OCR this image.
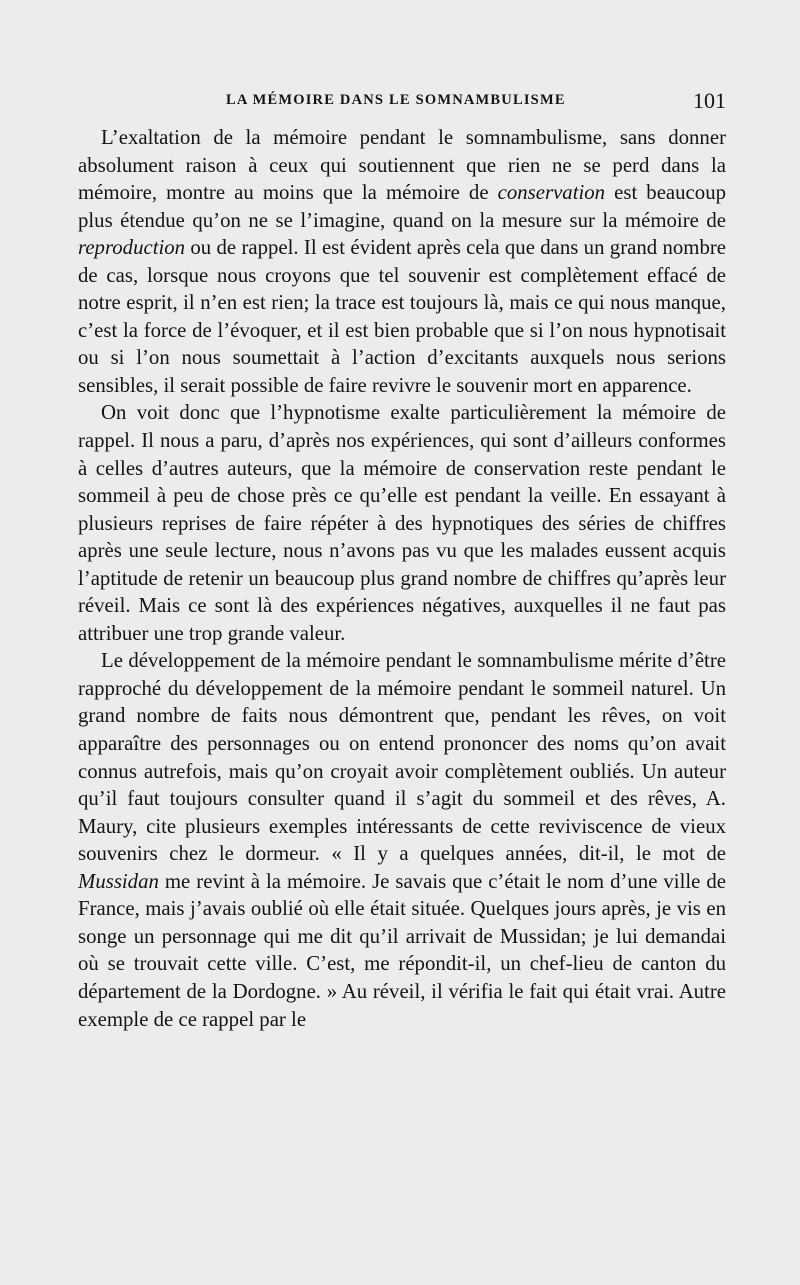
LA MÉMOIRE DANS LE SOMNAMBULISME	101

L’exaltation de la mémoire pendant le somnambulisme, sans donner absolument raison à ceux qui soutiennent que rien ne se perd dans la mémoire, montre au moins que la mémoire de conservation est beaucoup plus étendue qu’on ne se l’imagine, quand on la mesure sur la mémoire de reproduction ou de rappel. Il est évident après cela que dans un grand nombre de cas, lorsque nous croyons que tel souvenir est complètement effacé de notre esprit, il n’en est rien; la trace est toujours là, mais ce qui nous manque, c’est la force de l’évoquer, et il est bien probable que si l’on nous hypnotisait ou si l’on nous soumettait à l’action d’excitants auxquels nous serions sensibles, il serait possible de faire revivre le souvenir mort en apparence.

On voit donc que l’hypnotisme exalte particulièrement la mémoire de rappel. Il nous a paru, d’après nos expériences, qui sont d’ailleurs conformes à celles d’autres auteurs, que la mémoire de conservation reste pendant le sommeil à peu de chose près ce qu’elle est pendant la veille. En essayant à plusieurs reprises de faire répéter à des hypnotiques des séries de chiffres après une seule lecture, nous n’avons pas vu que les malades eussent acquis l’aptitude de retenir un beaucoup plus grand nombre de chiffres qu’après leur réveil. Mais ce sont là des expériences négatives, auxquelles il ne faut pas attribuer une trop grande valeur.

Le développement de la mémoire pendant le somnambulisme mérite d’être rapproché du développement de la mémoire pendant le sommeil naturel. Un grand nombre de faits nous démontrent que, pendant les rêves, on voit apparaître des personnages ou on entend prononcer des noms qu’on avait connus autrefois, mais qu’on croyait avoir complètement oubliés. Un auteur qu’il faut toujours consulter quand il s’agit du sommeil et des rêves, A. Maury, cite plusieurs exemples intéressants de cette reviviscence de vieux souvenirs chez le dormeur. « Il y a quelques années, dit-il, le mot de Mussidan me revint à la mémoire. Je savais que c’était le nom d’une ville de France, mais j’avais oublié où elle était située. Quelques jours après, je vis en songe un personnage qui me dit qu’il arrivait de Mussidan; je lui demandai où se trouvait cette ville. C’est, me répondit-il, un chef-lieu de canton du département de la Dordogne. » Au réveil, il vérifia le fait qui était vrai. Autre exemple de ce rappel par le
